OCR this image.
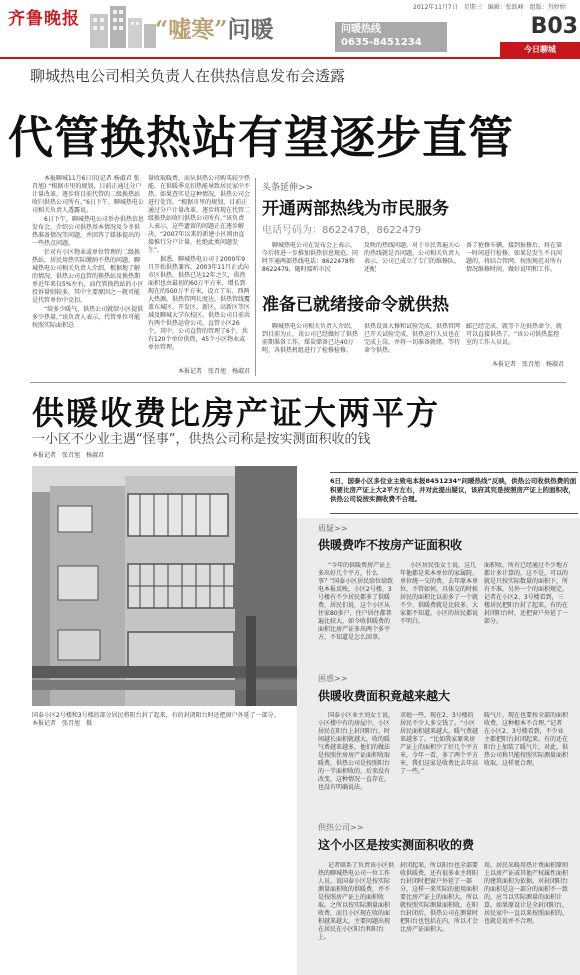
齐鲁晚报	“嘘寒”问暖	问暖热线
0635-8451234
2012年11月7日　星期三　编辑：张跃峰　组版：肖婷婷
B03
今日聊城
聊城热电公司相关负责人在供热信息发布会透露
代管换热站有望逐步直管

本报聊城11月6日讯(记者 杨淑君 张召旭) “根据市里的规划，目前正通过分户计量改革，逐步将目前代管的二级换热站收归供热公司所有。”6日下午，聊城热电公司相关负责人透露说。

6日下午，聊城热电公司举办供热信息发布会，介绍公司供热基本情况及今冬供热准备情况等问题，并回答了媒体提出的一些热点问题。

针对有小区物业或单位管理的二级换热站，居民用热实际缴纳不热的问题，聊城热电公司相关负责人介绍，根据地了解的情况，供热公司直管的换热站及换热期单近年来仅5%左右，而代管换热站的小区投诉量则较多，其中主要原因之一就可能是代管单位中克扣。

“给多少暖气，供热公司就给小区提供多少热量。”该负责人表示，代管单位可能按照实际面积总

量收取暖费，而从供热公司购买较少热能，在供暖季克扣热能导致居民家中不热。如果查实是这种情况，供热公司会进行处罚。“根据市里的规划，目前正通过分户计量改革，逐步将现在代管二级换热站收归供热公司所有。”该负责人表示，这些遗留的问题正在逐步解决，“2007年以来的新建小区则由直接推行分户计量，杜绝此类问题发生”。

据悉，聊城热电公司于2000年9月开始供热兼容，2003年11月正式向市区供热，供热已达12年之久，供热面积也由最初的60万平方米，增长到现在的500万平方米，设立了东、西两大热源，供热管网长度达，供热管线覆盖东城区、开发区、新区、高新区等区域及聊城大学东校区。供热公司目前共有两个供热运营公司，直管小区26个，其中，公司直管的管理了6个，共有120个单位供热，45个小区物业或单位管理。

本报记者　张召旭　杨淑君
头条延伸>>
开通两部热线为市民服务
电话号码为：8622478，8622479
聊城热电公司在发布会上表示，今后将进一步推加供热信息规范，同时开通两部热线电话：8622478和8622479，随时接听市民
反映的热线问题。对于市民普遍关心的热线就是否问题，公司相关负责人表示，公司已成立了专门的维修队，还配
备了抢修车辆，接到报修后，将在第一时间进行检修，如果是发生不良问题的，将结合管网，按照规范对所有情况维修时间，做好说明和工作。
准备已就绪接命令就供热
聊城热电公司相关负责人介绍，到目前为止，该公司已经做好了供热前期准备工作，煤炭储备已达40万吨，各供热机组进行了检修检修，
供热设备大修和试验完成，供热管网已开关试验完成，供热运行人员也在完成上岗，并将一切准备就绪，等待命令供热。
邮已经完成，就等下达供热命令，就可以直接供热了。“该公司供热监控室的工作人员说。
本报记者　张召旭　杨淑君
供暖收费比房产证大两平方
一小区不少业主遇“怪事”，供热公司称是按实测面积收的钱
本报记者　张召旭　杨淑君
国泰小区2号楼和3号楼的部分居民将阳台封了起来，有的封闭阳台时还把窗户外延了一部分。　　　本报记者　张召旭　摄
6日，国泰小区多位业主致电本报8451234“问暖热线”反映，供热公司收供热费的面积要比房产证上大2平方左右，并对此提出疑议，该府其究是按照房产证上的面积收，供热公司说按实测收费不合理。
质疑>>
供暖费咋不按房产证面积收
“今年的供暖费房产证上多出好几个平方，什么事？”国泰小区居民给位给致电本报反映，小区2号楼、3号楼有不少居民都多了供暖费，居民们说，这个小区从住家80多户，住户居住都普遍比较大，如今收供暖费的面积比房产证多出两个多平方，不知道是怎么回事。
小区居民张女士说，这几年他都是来本单位的家属院，单位统一交的费，去年原本单位，不管如何，具体交的时候居民的面积比以前多了一个就不少，供暖费就是比较多，大家都不知道。小区的居民都说不明白。
面积收，所有已经通过不少地方都计多计算的，这不是，可以的就是只按实际数量的面积下，所有不准，另外一个的面积规定。记者在小区2、3号楼看到，三楼居民把阳台封了起来，有的在封闭阳台时，还把窗户外延了一部分。
困惑>>
供暖收费面积竟越来越大
国泰小区业主刘女士说，小区楼中有的房屋中，小区居民在阳台上封闭阳台，时间越长面积就越大，收的暖气费越来越多，他们的做法是按照住房房产证面积收取暖费，供热公司是按照阳台的一半面积收的，后来没有改变，这种情况一直存在，也没有明确说法。
求她一些，现在2、3号楼的居民不少人多交钱了。“小区居民面积越来越大，暖气费越来越多了。“比如我家原来房产证上的面积少了好几个平方米，今年一看，多了两个平方米，我们这家是收费比去年高了一些。”
暖气片，现在也要按全部的面积收费，这种根本不合理。”记者在小区2、3号楼看到，不少业主都把阳台封闭起来，有的还在阳台上加装了暖气片，对此，供热公司称只能按照实际测量面积收取，这样更合理。
供热公司>>
这个小区是按实测面积收的费
记者联系了负责该小区供热的聊城热电公司一位工作人员，说国泰小区是按实际测量面积收的供暖费，并不是按照房产证上的面积收取。之所以按实际测量面积收费，而且小区现在收的面积越来越大，主要问题出现在居民在小区阳台和阳台上。
封闭起来，所以阳台也全部要收供暖费，还有很多业主将阳台封闭时把窗户外延了一部分，这样一来实际的使用面积要比房产证上的面积大，所以就按照实际测量面积收。在阳台封闭后，供热公司在测量时把阳台也包括在内，所以才会比房产证面积大。
用，居民采暖用热计费面积原则上以房产证或其他产权属性面积的建筑面积为依据。对封闭阳台的面积是这一部分的面积不一致的，应当以实际测量的面积计算，如果原设计是全封闭阳台，居民家中一直以来按照面积的，也就是说并不合理。
